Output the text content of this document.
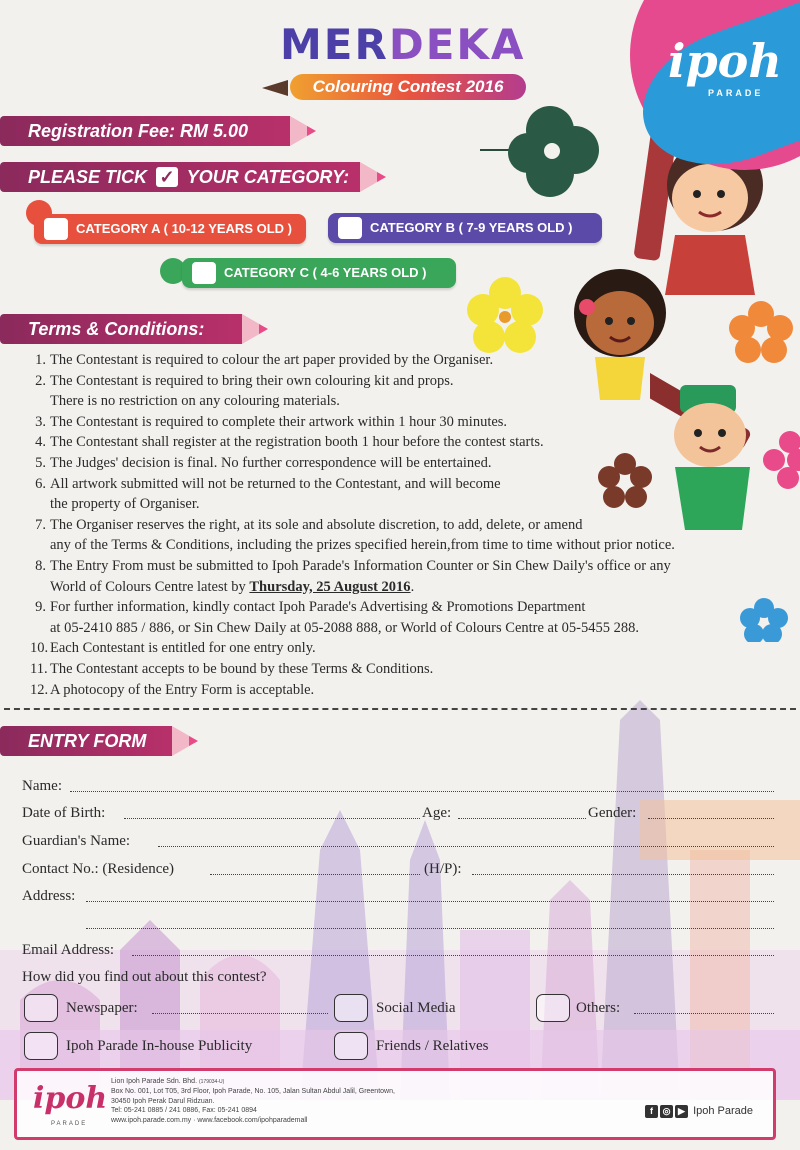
ipoh
PARADE
MERDEKA
Colouring Contest 2016
Registration Fee: RM 5.00
PLEASE TICK ✓ YOUR CATEGORY:
CATEGORY A ( 10-12 YEARS OLD )	CATEGORY B ( 7-9 YEARS OLD )
CATEGORY C ( 4-6 YEARS OLD )
Terms & Conditions:
1. The Contestant is required to colour the art paper provided by the Organiser.
2. The Contestant is required to bring their own colouring kit and props.
There is no restriction on any colouring materials.
3. The Contestant is required to complete their artwork within 1 hour 30 minutes.
4. The Contestant shall register at the registration booth 1 hour before the contest starts.
5. The Judges' decision is final. No further correspondence will be entertained.
6. All artwork submitted will not be returned to the Contestant, and will become
the property of Organiser.
7. The Organiser reserves the right, at its sole and absolute discretion, to add, delete, or amend
any of the Terms & Conditions, including the prizes specified herein,from time to time without prior notice.
8. The Entry From must be submitted to Ipoh Parade's Information Counter or Sin Chew Daily's office or any
World of Colours Centre latest by Thursday, 25 August 2016.
9. For further information, kindly contact Ipoh Parade's Advertising & Promotions Department
at 05-2410 885 / 886, or Sin Chew Daily at 05-2088 888, or World of Colours Centre at 05-5455 288.
10. Each Contestant is entitled for one entry only.
11. The Contestant accepts to be bound by these Terms & Conditions.
12. A photocopy of the Entry Form is acceptable.
ENTRY FORM
Name:
Date of Birth:	Age:	Gender:
Guardian's Name:
Contact No.: (Residence)	(H/P):
Address:
Email Address:
How did you find out about this contest?
Newspaper:	Social Media	Others:
Ipoh Parade In-house Publicity	Friends / Relatives
ipoh
PARADE
Lion Ipoh Parade Sdn. Bhd. (179034-U)
Box No. 001, Lot T05, 3rd Floor, Ipoh Parade, No. 105, Jalan Sultan Abdul Jalil, Greentown,
30450 Ipoh Perak Darul Ridzuan.
Tel: 05-241 0885 / 241 0886, Fax: 05-241 0894
www.ipoh.parade.com.my · www.facebook.com/ipohparademall
f ◎ ▶ Ipoh Parade
